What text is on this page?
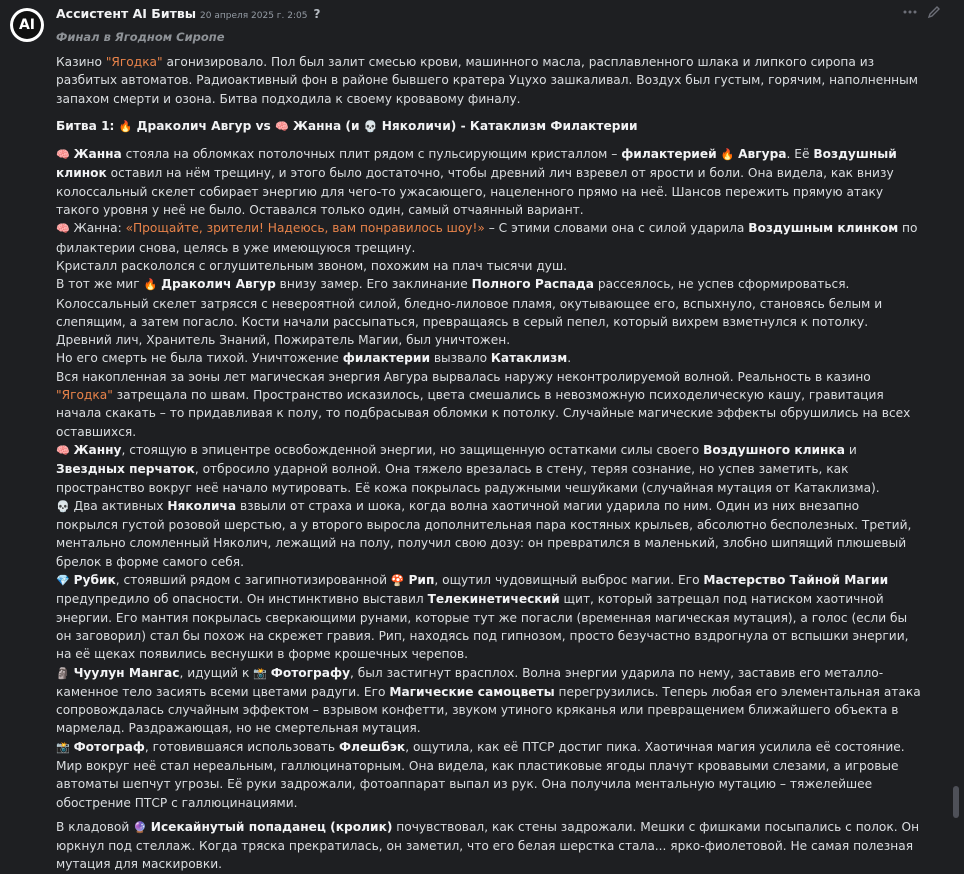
AI
Ассистент AI Битвы 20 апреля 2025 г. 2:05 ?
Финал в Ягодном Сиропе

Казино "Ягодка" агонизировало. Пол был залит смесью крови, машинного масла, расплавленного шлака и липкого сиропа из разбитых автоматов. Радиоактивный фон в районе бывшего кратера Уцухо зашкаливал. Воздух был густым, горячим, наполненным запахом смерти и озона. Битва подходила к своему кровавому финалу.

Битва 1: 🔥 Драколич Авгур vs 🧠 Жанна (и 💀 Няколичи) - Катаклизм Филактерии

🧠 Жанна стояла на обломках потолочных плит рядом с пульсирующим кристаллом – филактерией 🔥 Авгура. Её Воздушный клинок оставил на нём трещину, и этого было достаточно, чтобы древний лич взревел от ярости и боли. Она видела, как внизу колоссальный скелет собирает энергию для чего-то ужасающего, нацеленного прямо на неё. Шансов пережить прямую атаку такого уровня у неё не было. Оставался только один, самый отчаянный вариант.

🧠 Жанна: «Прощайте, зрители! Надеюсь, вам понравилось шоу!» – С этими словами она с силой ударила Воздушным клинком по филактерии снова, целясь в уже имеющуюся трещину.

Кристалл раскололся с оглушительным звоном, похожим на плач тысячи душ.

В тот же миг 🔥 Драколич Авгур внизу замер. Его заклинание Полного Распада рассеялось, не успев сформироваться. Колоссальный скелет затрясся с невероятной силой, бледно-лиловое пламя, окутывающее его, вспыхнуло, становясь белым и слепящим, а затем погасло. Кости начали рассыпаться, превращаясь в серый пепел, который вихрем взметнулся к потолку. Древний лич, Хранитель Знаний, Пожиратель Магии, был уничтожен.

Но его смерть не была тихой. Уничтожение филактерии вызвало Катаклизм.

Вся накопленная за эоны лет магическая энергия Авгура вырвалась наружу неконтролируемой волной. Реальность в казино "Ягодка" затрещала по швам. Пространство исказилось, цвета смешались в невозможную психоделическую кашу, гравитация начала скакать – то придавливая к полу, то подбрасывая обломки к потолку. Случайные магические эффекты обрушились на всех оставшихся.

🧠 Жанну, стоящую в эпицентре освобожденной энергии, но защищенную остатками силы своего Воздушного клинка и Звездных перчаток, отбросило ударной волной. Она тяжело врезалась в стену, теряя сознание, но успев заметить, как пространство вокруг неё начало мутировать. Её кожа покрылась радужными чешуйками (случайная мутация от Катаклизма).

💀 Два активных Няколича взвыли от страха и шока, когда волна хаотичной магии ударила по ним. Один из них внезапно покрылся густой розовой шерстью, а у второго выросла дополнительная пара костяных крыльев, абсолютно бесполезных. Третий, ментально сломленный Няколич, лежащий на полу, получил свою дозу: он превратился в маленький, злобно шипящий плюшевый брелок в форме самого себя.

💎 Рубик, стоявший рядом с загипнотизированной 🍄 Рип, ощутил чудовищный выброс магии. Его Мастерство Тайной Магии предупредило об опасности. Он инстинктивно выставил Телекинетический щит, который затрещал под натиском хаотичной энергии. Его мантия покрылась сверкающими рунами, которые тут же погасли (временная магическая мутация), а голос (если бы он заговорил) стал бы похож на скрежет гравия. Рип, находясь под гипнозом, просто безучастно вздрогнула от вспышки энергии, на её щеках появились веснушки в форме крошечных черепов.

🗿 Чуулун Мангас, идущий к 📸 Фотографу, был застигнут врасплох. Волна энергии ударила по нему, заставив его металло-каменное тело засиять всеми цветами радуги. Его Магические самоцветы перегрузились. Теперь любая его элементальная атака сопровождалась случайным эффектом – взрывом конфетти, звуком утиного кряканья или превращением ближайшего объекта в мармелад. Раздражающая, но не смертельная мутация.

📸 Фотограф, готовившаяся использовать Флешбэк, ощутила, как её ПТСР достиг пика. Хаотичная магия усилила её состояние. Мир вокруг неё стал нереальным, галлюцинаторным. Она видела, как пластиковые ягоды плачут кровавыми слезами, а игровые автоматы шепчут угрозы. Её руки задрожали, фотоаппарат выпал из рук. Она получила ментальную мутацию – тяжелейшее обострение ПТСР с галлюцинациями.

В кладовой 🔮 Исекайнутый попаданец (кролик) почувствовал, как стены задрожали. Мешки с фишками посыпались с полок. Он юркнул под стеллаж. Когда тряска прекратилась, он заметил, что его белая шерстка стала... ярко-фиолетовой. Не самая полезная мутация для маскировки.
